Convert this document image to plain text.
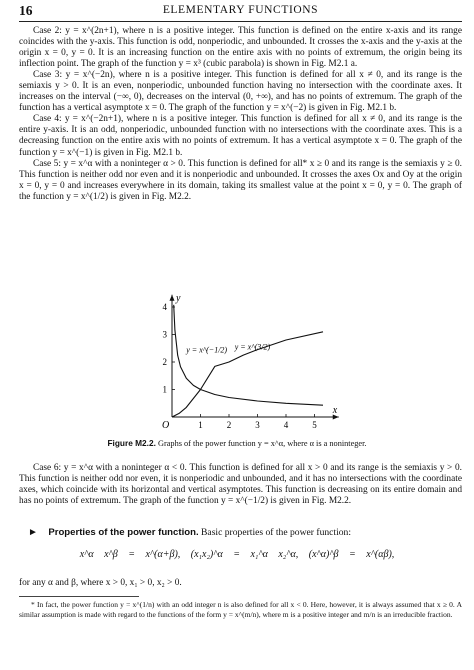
16	ELEMENTARY FUNCTIONS

Case 2: y = x^(2n+1), where n is a positive integer. This function is defined on the entire x-axis and its range coincides with the y-axis. This function is odd, nonperiodic, and unbounded. It crosses the x-axis and the y-axis at the origin x = 0, y = 0. It is an increasing function on the entire axis with no points of extremum, the origin being its inflection point. The graph of the function y = x³ (cubic parabola) is shown in Fig. M2.1 a.

Case 3: y = x^(−2n), where n is a positive integer. This function is defined for all x ≠ 0, and its range is the semiaxis y > 0. It is an even, nonperiodic, unbounded function having no intersection with the coordinate axes. It increases on the interval (−∞, 0), decreases on the interval (0, +∞), and has no points of extremum. The graph of the function has a vertical asymptote x = 0. The graph of the function y = x^(−2) is given in Fig. M2.1 b.

Case 4: y = x^(−2n+1), where n is a positive integer. This function is defined for all x ≠ 0, and its range is the entire y-axis. It is an odd, nonperiodic, unbounded function with no intersections with the coordinate axes. This is a decreasing function on the entire axis with no points of extremum. It has a vertical asymptote x = 0. The graph of the function y = x^(−1) is given in Fig. M2.1 b.

Case 5: y = x^α with a noninteger α > 0. This function is defined for all* x ≥ 0 and its range is the semiaxis y ≥ 0. This function is neither odd nor even and it is nonperiodic and unbounded. It crosses the axes Ox and Oy at the origin x = 0, y = 0 and increases everywhere in its domain, taking its smallest value at the point x = 0, y = 0. The graph of the function y = x^(1/2) is given in Fig. M2.2.

1	2	3	4	5
1
2
3
4
x
y
O
y = x^(−1/2) y = x^(3/2)
Figure M2.2. Graphs of the power function y = x^α, where α is a noninteger.

Case 6: y = x^α with a noninteger α < 0. This function is defined for all x > 0 and its range is the semiaxis y > 0. This function is neither odd nor even, it is nonperiodic and unbounded, and it has no intersections with the coordinate axes, which coincide with its horizontal and vertical asymptotes. This function is decreasing on its entire domain and has no points of extremum. The graph of the function y = x^(−1/2) is given in Fig. M2.2.

► Properties of the power function. Basic properties of the power function:
x^α x^β = x^(α+β), (x₁x₂)^α = x₁^α x₂^α, (x^α)^β = x^(αβ),
for any α and β, where x > 0, x₁ > 0, x₂ > 0.
* In fact, the power function y = x^(1/n) with an odd integer n is also defined for all x < 0. Here, however, it is always assumed that x ≥ 0. A similar assumption is made with regard to the functions of the form y = x^(m/n), where m is a positive integer and m/n is an irreducible fraction.
